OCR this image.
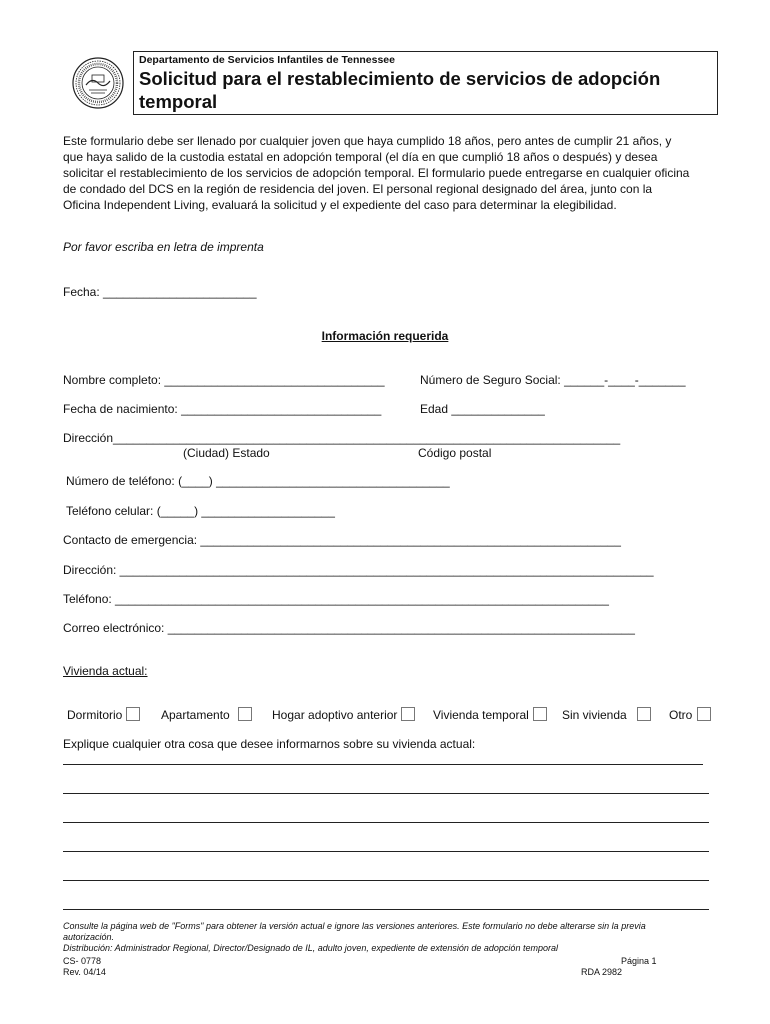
Departamento de Servicios Infantiles de Tennessee
Solicitud para el restablecimiento de servicios de adopción
temporal
Este formulario debe ser llenado por cualquier joven que haya cumplido 18 años, pero antes de cumplir 21 años, y
que haya salido de la custodia estatal en adopción temporal (el día en que cumplió 18 años o después) y desea
solicitar el restablecimiento de los servicios de adopción temporal. El formulario puede entregarse en cualquier oficina
de condado del DCS en la región de residencia del joven. El personal regional designado del área, junto con la
Oficina Independent Living, evaluará la solicitud y el expediente del caso para determinar la elegibilidad.
Por favor escriba en letra de imprenta
Fecha: _______________________
Información requerida
Nombre completo: _________________________________	Número de Seguro Social: ______-____-_______
Fecha de nacimiento: ______________________________	Edad ______________
Dirección____________________________________________________________________________
(Ciudad) Estado	Código postal
Número de teléfono: (____) ___________________________________
Teléfono celular: (_____) ____________________
Contacto de emergencia: _______________________________________________________________
Dirección: ________________________________________________________________________________
Teléfono: __________________________________________________________________________
Correo electrónico: ______________________________________________________________________
Vivienda actual:
Dormitorio	Apartamento	Hogar adoptivo anterior	Vivienda temporal	Sin vivienda	Otro
Explique cualquier otra cosa que desee informarnos sobre su vivienda actual:
Consulte la página web de "Forms" para obtener la versión actual e ignore las versiones anteriores. Este formulario no debe alterarse sin la previa
autorización.
Distribución: Administrador Regional, Director/Designado de IL, adulto joven, expediente de extensión de adopción temporal
CS- 0778	Página 1
Rev. 04/14	RDA 2982
